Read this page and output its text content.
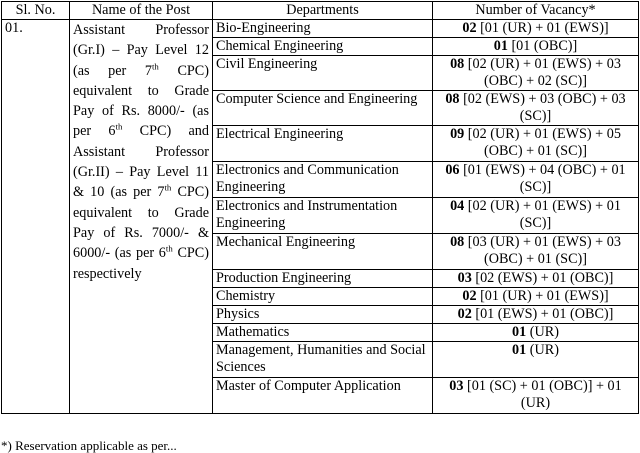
Sl. No.	Name of the Post	Departments	Number of Vacancy*
01.	Assistant Professor (Gr.I) – Pay Level 12 (as per 7th CPC) equivalent to Grade Pay of Rs. 8000/- (as per 6th CPC) and Assistant Professor (Gr.II) – Pay Level 11 & 10 (as per 7th CPC) equivalent to Grade Pay of Rs. 7000/- & 6000/- (as per 6th CPC) respectively	Bio-Engineering	02 [01 (UR) + 01 (EWS)]
		Chemical Engineering	01 [01 (OBC)]
		Civil Engineering	08 [02 (UR) + 01 (EWS) + 03 (OBC) + 02 (SC)]
		Computer Science and Engineering	08 [02 (EWS) + 03 (OBC) + 03 (SC)]
		Electrical Engineering	09 [02 (UR) + 01 (EWS) + 05 (OBC) + 01 (SC)]
		Electronics and Communication Engineering	06 [01 (EWS) + 04 (OBC) + 01 (SC)]
		Electronics and Instrumentation Engineering	04 [02 (UR) + 01 (EWS) + 01 (SC)]
		Mechanical Engineering	08 [03 (UR) + 01 (EWS) + 03 (OBC) + 01 (SC)]
		Production Engineering	03 [02 (EWS) + 01 (OBC)]
		Chemistry	02 [01 (UR) + 01 (EWS)]
		Physics	02 [01 (EWS) + 01 (OBC)]
		Mathematics	01 (UR)
		Management, Humanities and Social Sciences	01 (UR)
		Master of Computer Application	03 [01 (SC) + 01 (OBC)] + 01 (UR)
*) Reservation applicable as per...
